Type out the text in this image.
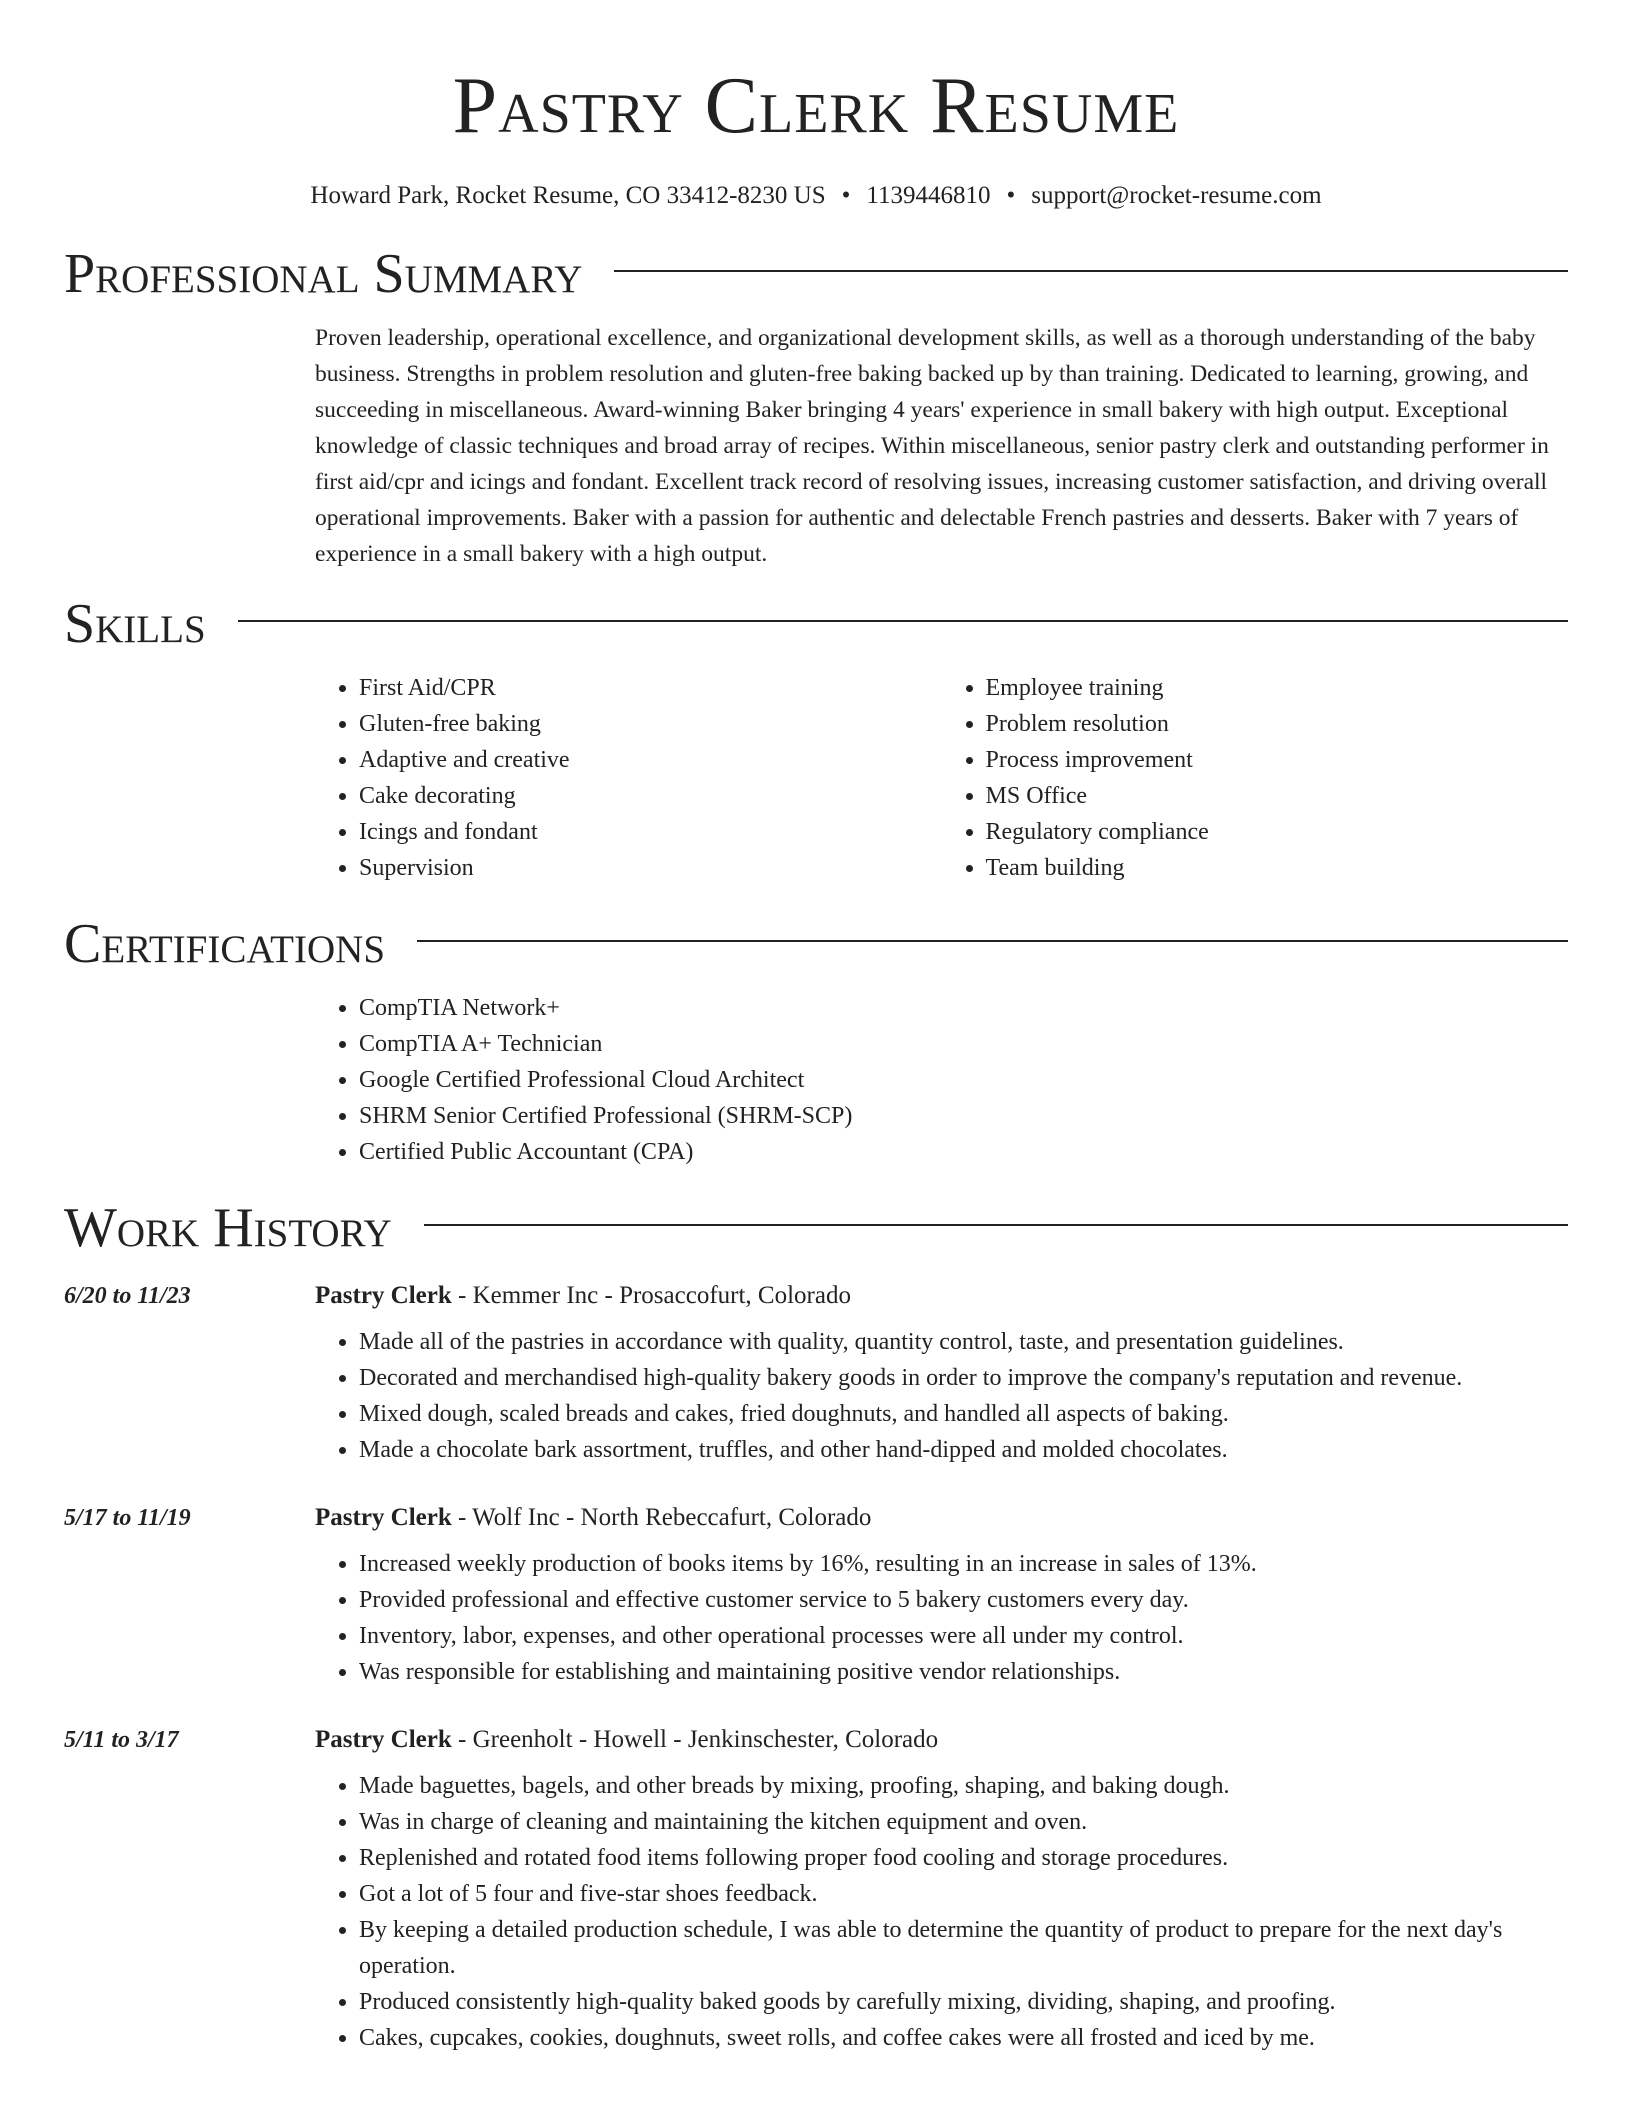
Pastry Clerk Resume
Howard Park, Rocket Resume, CO 33412-8230 US • 1139446810 • support@rocket-resume.com
Professional Summary

Proven leadership, operational excellence, and organizational development skills, as well as a thorough understanding of the baby business. Strengths in problem resolution and gluten-free baking backed up by than training. Dedicated to learning, growing, and succeeding in miscellaneous. Award-winning Baker bringing 4 years' experience in small bakery with high output. Exceptional knowledge of classic techniques and broad array of recipes. Within miscellaneous, senior pastry clerk and outstanding performer in first aid/cpr and icings and fondant. Excellent track record of resolving issues, increasing customer satisfaction, and driving overall operational improvements. Baker with a passion for authentic and delectable French pastries and desserts. Baker with 7 years of experience in a small bakery with a high output.

Skills
• First Aid/CPR
• Gluten-free baking
• Adaptive and creative
• Cake decorating
• Icings and fondant
• Supervision
• Employee training
• Problem resolution
• Process improvement
• MS Office
• Regulatory compliance
• Team building
Certifications
• CompTIA Network+
• CompTIA A+ Technician
• Google Certified Professional Cloud Architect
• SHRM Senior Certified Professional (SHRM-SCP)
• Certified Public Accountant (CPA)
Work History
6/20 to 11/23	Pastry Clerk - Kemmer Inc - Prosaccofurt, Colorado
• Made all of the pastries in accordance with quality, quantity control, taste, and presentation guidelines.
• Decorated and merchandised high-quality bakery goods in order to improve the company's reputation and revenue.
• Mixed dough, scaled breads and cakes, fried doughnuts, and handled all aspects of baking.
• Made a chocolate bark assortment, truffles, and other hand-dipped and molded chocolates.
5/17 to 11/19	Pastry Clerk - Wolf Inc - North Rebeccafurt, Colorado
• Increased weekly production of books items by 16%, resulting in an increase in sales of 13%.
• Provided professional and effective customer service to 5 bakery customers every day.
• Inventory, labor, expenses, and other operational processes were all under my control.
• Was responsible for establishing and maintaining positive vendor relationships.
5/11 to 3/17	Pastry Clerk - Greenholt - Howell - Jenkinschester, Colorado
• Made baguettes, bagels, and other breads by mixing, proofing, shaping, and baking dough.
• Was in charge of cleaning and maintaining the kitchen equipment and oven.
• Replenished and rotated food items following proper food cooling and storage procedures.
• Got a lot of 5 four and five-star shoes feedback.
• By keeping a detailed production schedule, I was able to determine the quantity of product to prepare for the next day's operation.
• Produced consistently high-quality baked goods by carefully mixing, dividing, shaping, and proofing.
• Cakes, cupcakes, cookies, doughnuts, sweet rolls, and coffee cakes were all frosted and iced by me.
